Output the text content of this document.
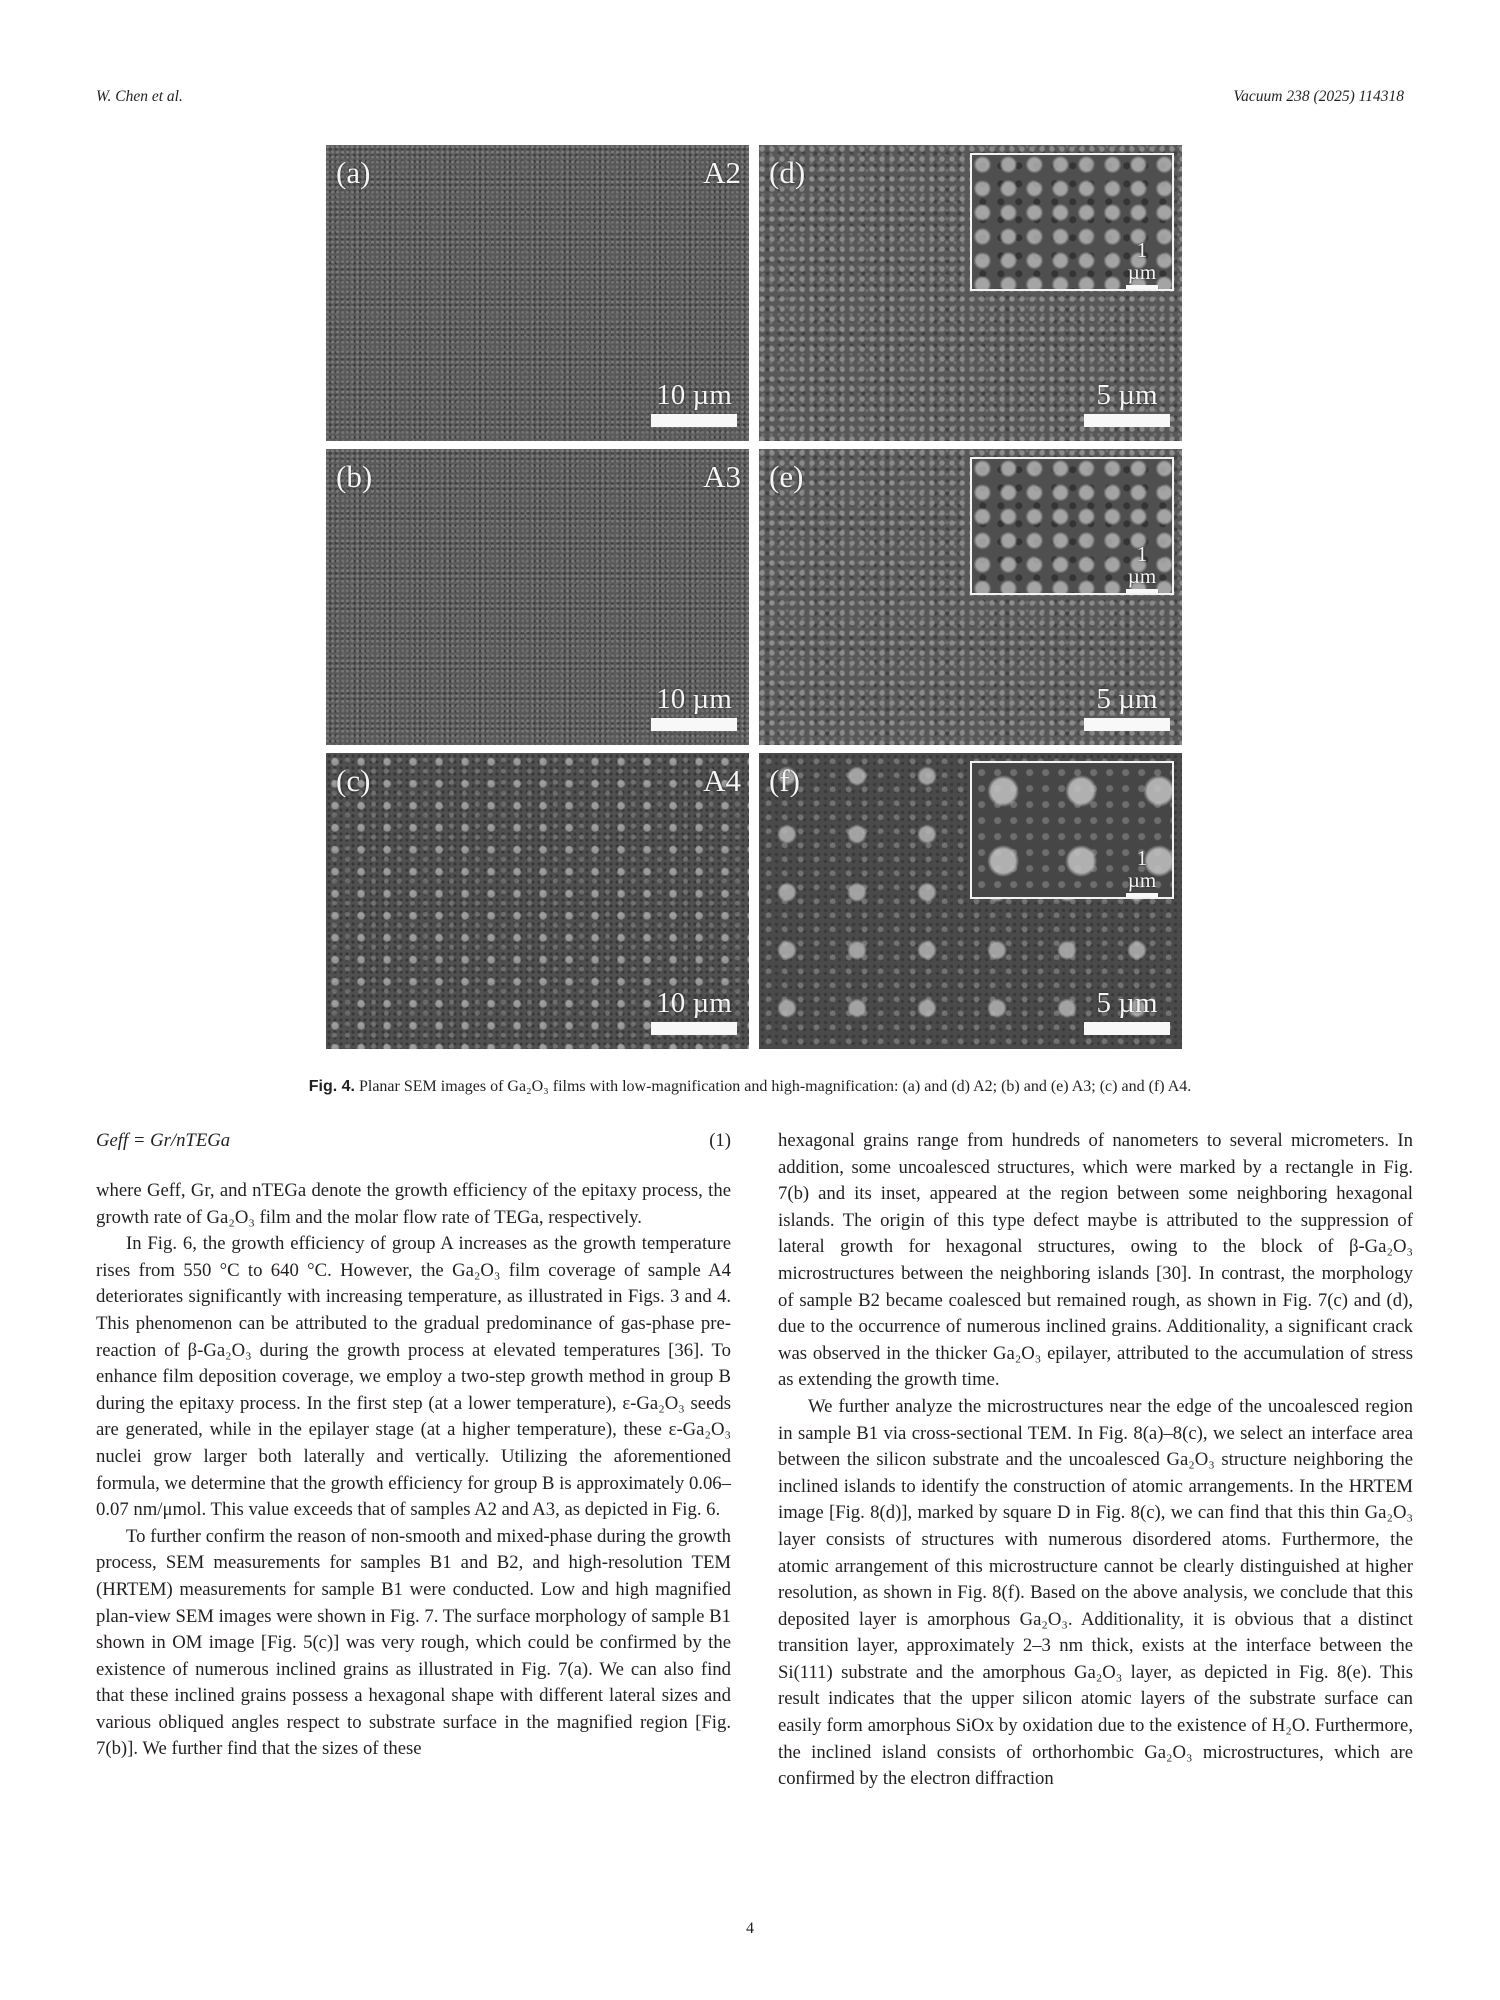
W. Chen et al.	Vacuum 238 (2025) 114318
(a)	A2
10 µm
(b)	A3
10 µm
(c)	A4
10 µm
(d)
1 µm
5 µm
(e)
1 µm
5 µm
(f)
1 µm
5 µm
Fig. 4. Planar SEM images of Ga₂O₃ films with low-magnification and high-magnification: (a) and (d) A2; (b) and (e) A3; (c) and (f) A4.
Geff = Gr/nTEGa	(1)

where Geff, Gr, and nTEGa denote the growth efficiency of the epitaxy process, the growth rate of Ga₂O₃ film and the molar flow rate of TEGa, respectively.

In Fig. 6, the growth efficiency of group A increases as the growth temperature rises from 550 °C to 640 °C. However, the Ga₂O₃ film coverage of sample A4 deteriorates significantly with increasing temperature, as illustrated in Figs. 3 and 4. This phenomenon can be attributed to the gradual predominance of gas-phase pre-reaction of β-Ga₂O₃ during the growth process at elevated temperatures [36]. To enhance film deposition coverage, we employ a two-step growth method in group B during the epitaxy process. In the first step (at a lower temperature), ε-Ga₂O₃ seeds are generated, while in the epilayer stage (at a higher temperature), these ε-Ga₂O₃ nuclei grow larger both laterally and vertically. Utilizing the aforementioned formula, we determine that the growth efficiency for group B is approximately 0.06–0.07 nm/μmol. This value exceeds that of samples A2 and A3, as depicted in Fig. 6.

To further confirm the reason of non-smooth and mixed-phase during the growth process, SEM measurements for samples B1 and B2, and high-resolution TEM (HRTEM) measurements for sample B1 were conducted. Low and high magnified plan-view SEM images were shown in Fig. 7. The surface morphology of sample B1 shown in OM image [Fig. 5(c)] was very rough, which could be confirmed by the existence of numerous inclined grains as illustrated in Fig. 7(a). We can also find that these inclined grains possess a hexagonal shape with different lateral sizes and various obliqued angles respect to substrate surface in the magnified region [Fig. 7(b)]. We further find that the sizes of these

hexagonal grains range from hundreds of nanometers to several micrometers. In addition, some uncoalesced structures, which were marked by a rectangle in Fig. 7(b) and its inset, appeared at the region between some neighboring hexagonal islands. The origin of this type defect maybe is attributed to the suppression of lateral growth for hexagonal structures, owing to the block of β-Ga₂O₃ microstructures between the neighboring islands [30]. In contrast, the morphology of sample B2 became coalesced but remained rough, as shown in Fig. 7(c) and (d), due to the occurrence of numerous inclined grains. Additionality, a significant crack was observed in the thicker Ga₂O₃ epilayer, attributed to the accumulation of stress as extending the growth time.

We further analyze the microstructures near the edge of the uncoalesced region in sample B1 via cross-sectional TEM. In Fig. 8(a)–8(c), we select an interface area between the silicon substrate and the uncoalesced Ga₂O₃ structure neighboring the inclined islands to identify the construction of atomic arrangements. In the HRTEM image [Fig. 8(d)], marked by square D in Fig. 8(c), we can find that this thin Ga₂O₃ layer consists of structures with numerous disordered atoms. Furthermore, the atomic arrangement of this microstructure cannot be clearly distinguished at higher resolution, as shown in Fig. 8(f). Based on the above analysis, we conclude that this deposited layer is amorphous Ga₂O₃. Additionality, it is obvious that a distinct transition layer, approximately 2–3 nm thick, exists at the interface between the Si(111) substrate and the amorphous Ga₂O₃ layer, as depicted in Fig. 8(e). This result indicates that the upper silicon atomic layers of the substrate surface can easily form amorphous SiOx by oxidation due to the existence of H₂O. Furthermore, the inclined island consists of orthorhombic Ga₂O₃ microstructures, which are confirmed by the electron diffraction

4
